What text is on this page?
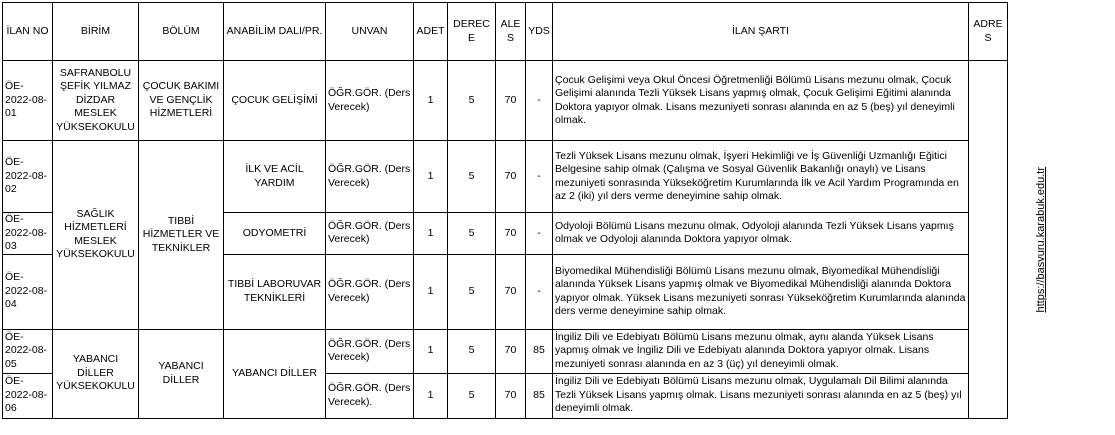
İLAN NO	BİRİM	BÖLÜM	ANABİLİM DALI/PR.	UNVAN	ADET	DERECE	ALES	YDS	İLAN ŞARTI	ADRES
ÖE-2022-08-01	SAFRANBOLU ŞEFİK YILMAZ DİZDAR MESLEK YÜKSEKOKULU	ÇOCUK BAKIMI VE GENÇLİK HİZMETLERİ	ÇOCUK GELİŞİMİ	ÖĞR.GÖR. (Ders Verecek)	1	5	70	-	Çocuk Gelişimi veya Okul Öncesi Öğretmenliği Bölümü Lisans mezunu olmak, Çocuk Gelişimi alanında Tezli Yüksek Lisans yapmış olmak, Çocuk Gelişimi Eğitimi alanında Doktora yapıyor olmak. Lisans mezuniyeti sonrası alanında en az 5 (beş) yıl deneyimli olmak.	https://basvuru.karabuk.edu.tr
ÖE-2022-08-02	SAĞLIK HİZMETLERİ MESLEK YÜKSEKOKULU	TIBBİ HİZMETLER VE TEKNİKLER	İLK VE ACİL YARDIM	ÖĞR.GÖR. (Ders Verecek)	1	5	70	-	Tezli Yüksek Lisans mezunu olmak, İşyeri Hekimliği ve İş Güvenliği Uzmanlığı Eğitici Belgesine sahip olmak (Çalışma ve Sosyal Güvenlik Bakanlığı onaylı) ve Lisans mezuniyeti sonrasında Yükseköğretim Kurumlarında İlk ve Acil Yardım Programında en az 2 (iki) yıl ders verme deneyimine sahip olmak.	
ÖE-2022-08-03			ODYOMETRİ	ÖĞR.GÖR. (Ders Verecek)	1	5	70	-	Odyoloji Bölümü Lisans mezunu olmak, Odyoloji alanında Tezli Yüksek Lisans yapmış olmak ve Odyoloji alanında Doktora yapıyor olmak.	
ÖE-2022-08-04			TIBBİ LABORUVAR TEKNİKLERİ	ÖĞR.GÖR. (Ders Verecek)	1	5	70	-	Biyomedikal Mühendisliği Bölümü Lisans mezunu olmak, Biyomedikal Mühendisliği alanında Yüksek Lisans yapmış olmak ve Biyomedikal Mühendisliği alanında Doktora yapıyor olmak. Yüksek Lisans mezuniyeti sonrası Yükseköğretim Kurumlarında alanında ders verme deneyimine sahip olmak.	
ÖE-2022-08-05	YABANCI DİLLER YÜKSEKOKULU	YABANCI DİLLER	YABANCI DİLLER	ÖĞR.GÖR. (Ders Verecek)	1	5	70	85	İngiliz Dili ve Edebiyatı Bölümü Lisans mezunu olmak, aynı alanda Yüksek Lisans yapmış olmak ve İngiliz Dili ve Edebiyatı alanında Doktora yapıyor olmak. Lisans mezuniyeti sonrası alanında en az 3 (üç) yıl deneyimli olmak.	
ÖE-2022-08-06				ÖĞR.GÖR. (Ders Verecek).	1	5	70	85	İngiliz Dili ve Edebiyatı Bölümü Lisans mezunu olmak, Uygulamalı Dil Bilimi alanında Tezli Yüksek Lisans yapmış olmak. Lisans mezuniyeti sonrası alanında en az 5 (beş) yıl deneyimli olmak.	
